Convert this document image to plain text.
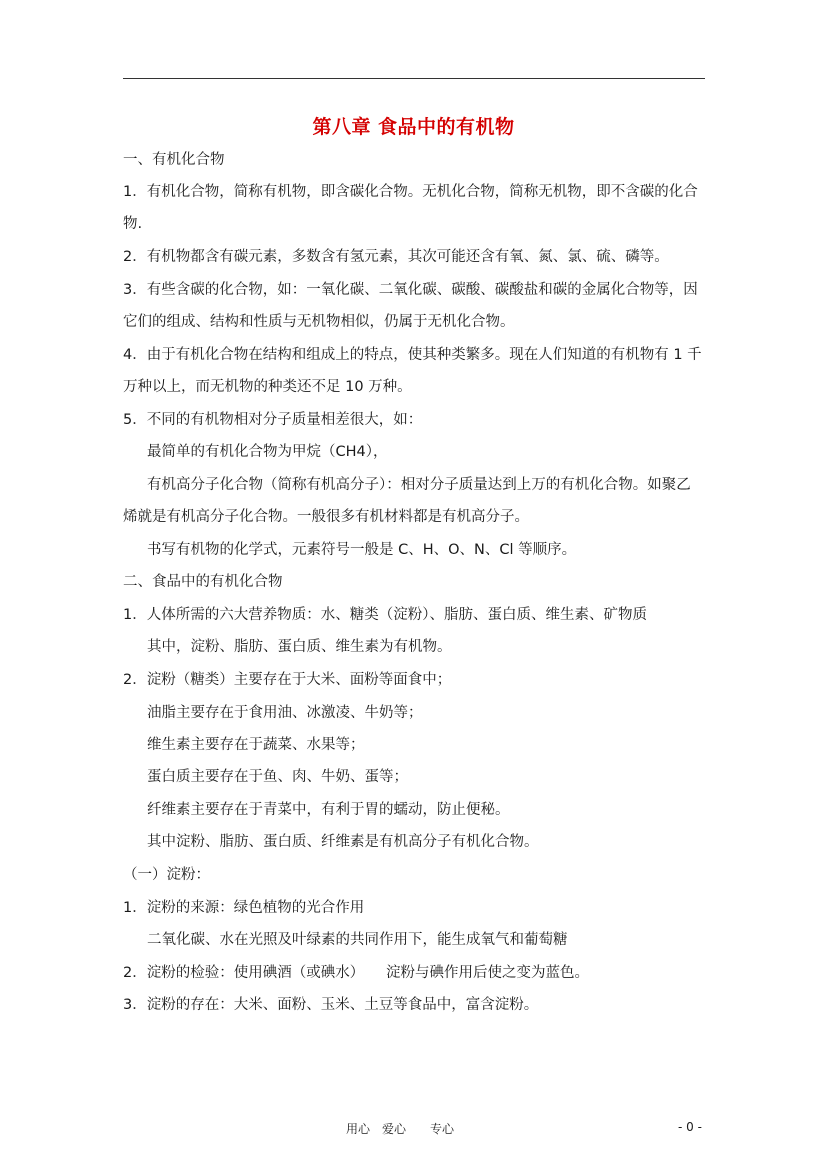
第八章 食品中的有机物
一、有机化合物
1．有机化合物，简称有机物，即含碳化合物。无机化合物，简称无机物，即不含碳的化合
物.
2．有机物都含有碳元素，多数含有氢元素，其次可能还含有氧、氮、氯、硫、磷等。
3．有些含碳的化合物，如：一氧化碳、二氧化碳、碳酸、碳酸盐和碳的金属化合物等，因
它们的组成、结构和性质与无机物相似，仍属于无机化合物。
4．由于有机化合物在结构和组成上的特点，使其种类繁多。现在人们知道的有机物有 1 千
万种以上，而无机物的种类还不足 10 万种。
5．不同的有机物相对分子质量相差很大，如：
最简单的有机化合物为甲烷（CH4），
有机高分子化合物（简称有机高分子）：相对分子质量达到上万的有机化合物。如聚乙
烯就是有机高分子化合物。一般很多有机材料都是有机高分子。
书写有机物的化学式，元素符号一般是 C、H、O、N、Cl 等顺序。
二、食品中的有机化合物
1．人体所需的六大营养物质：水、糖类（淀粉）、脂肪、蛋白质、维生素、矿物质
其中，淀粉、脂肪、蛋白质、维生素为有机物。
2．淀粉（糖类）主要存在于大米、面粉等面食中；
油脂主要存在于食用油、冰激凌、牛奶等；
维生素主要存在于蔬菜、水果等；
蛋白质主要存在于鱼、肉、牛奶、蛋等；
纤维素主要存在于青菜中，有利于胃的蠕动，防止便秘。
其中淀粉、脂肪、蛋白质、纤维素是有机高分子有机化合物。
（一）淀粉：
1．淀粉的来源：绿色植物的光合作用
二氧化碳、水在光照及叶绿素的共同作用下，能生成氧气和葡萄糖
2．淀粉的检验：使用碘酒（或碘水）　　淀粉与碘作用后使之变为蓝色。
3．淀粉的存在：大米、面粉、玉米、土豆等食品中，富含淀粉。
用心　爱心　　专心	- 0 -
